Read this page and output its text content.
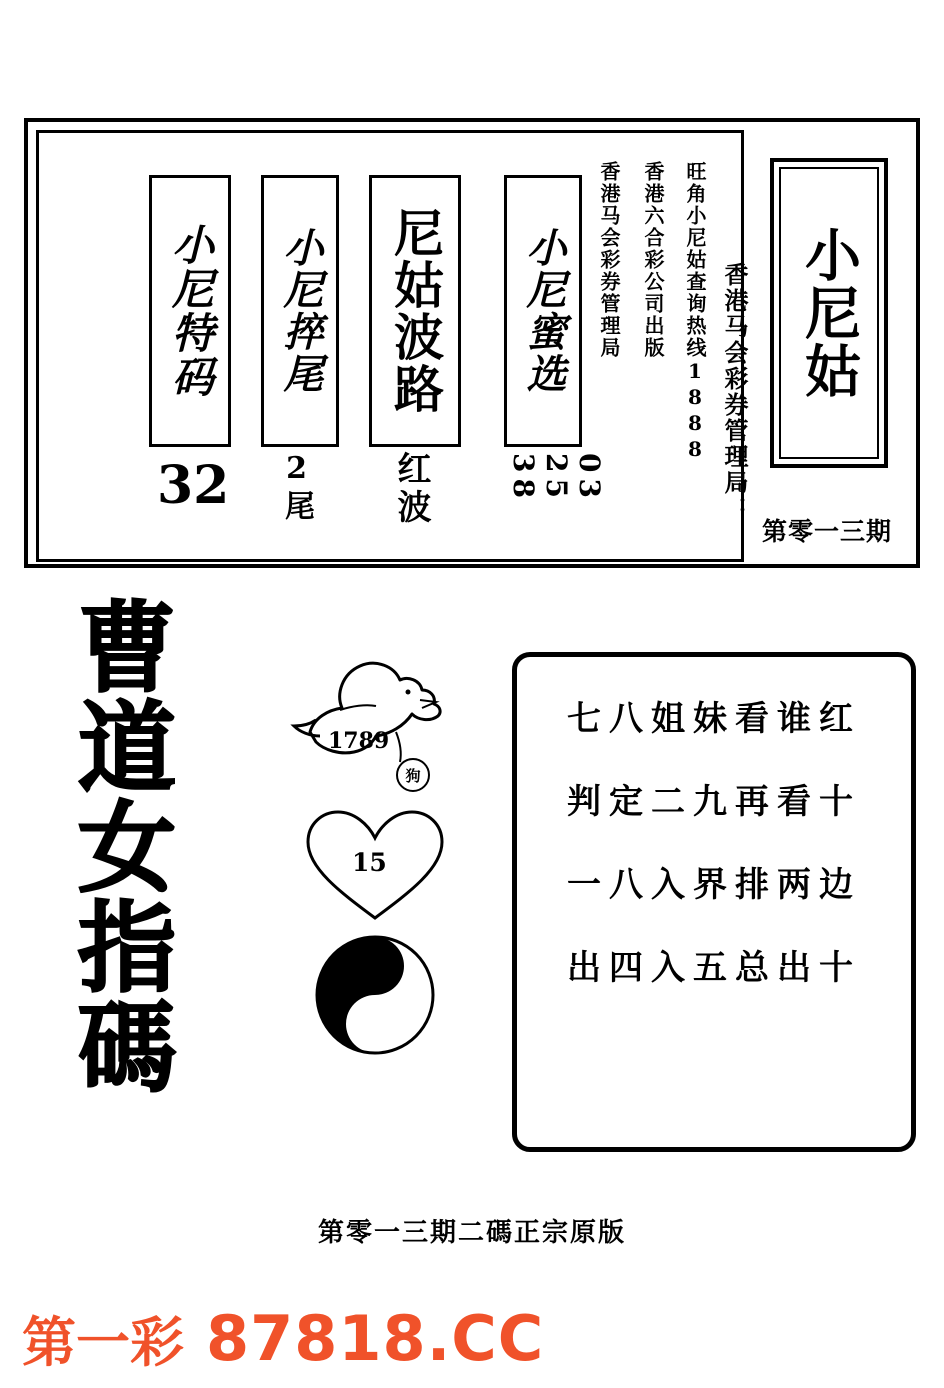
小尼姑
香港马会彩券管理局：
第零一三期
旺角小尼姑查询热线1888
香港六合彩公司出版
香港马会彩券管理局
小尼蜜选
03 25 38
尼姑波路
红波
小尼捽尾
2尾
小尼特码
32
曹
道
女
指
碼
1789
狗
15
23
七八姐妹看谁红
判定二九再看十
一八入界排两边
出四入五总出十
第零一三期二碼正宗原版
第一彩 87818.CC
